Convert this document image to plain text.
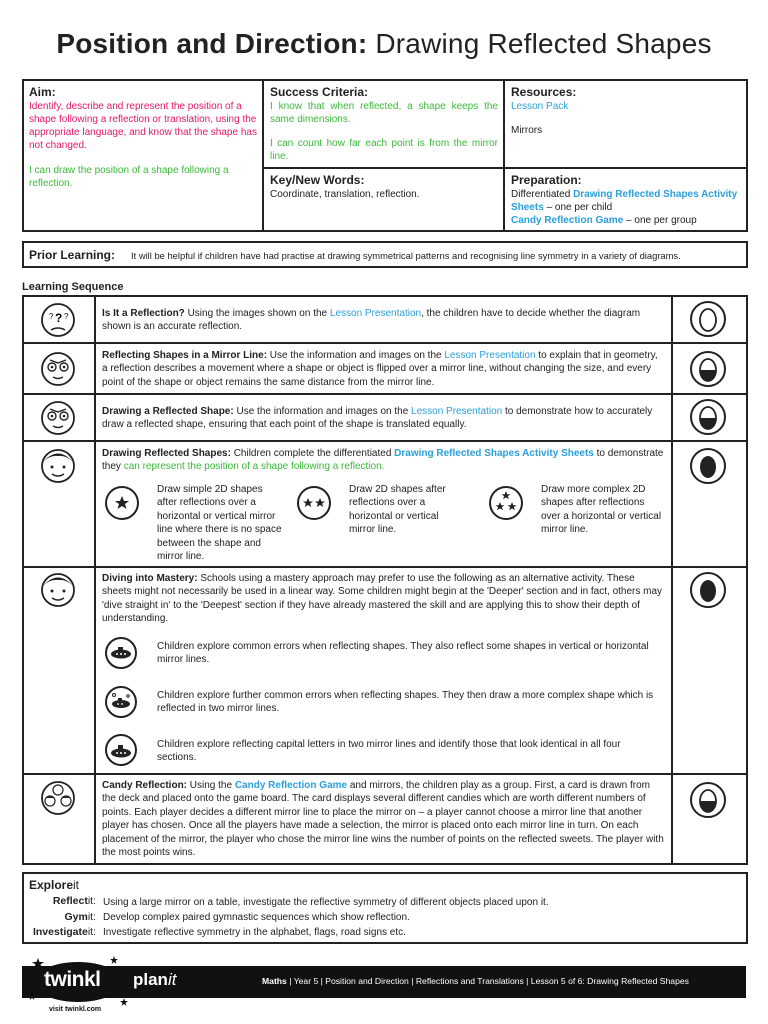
Position and Direction: Drawing Reflected Shapes
Aim:
Identify, describe and represent the position of a shape following a reflection or translation, using the appropriate language, and know that the shape has not changed.
I can draw the position of a shape following a reflection.
Success Criteria:
I know that when reflected, a shape keeps the same dimensions.
I can count how far each point is from the mirror line.
Key/New Words:
Coordinate, translation, reflection.
Resources:
Lesson Pack
Mirrors
Preparation:
Differentiated Drawing Reflected Shapes Activity Sheets – one per child
Candy Reflection Game – one per group
Prior Learning: It will be helpful if children have had practise at drawing symmetrical patterns and recognising line symmetry in a variety of diagrams.
Learning Sequence
? ? ?	Is It a Reflection? Using the images shown on the Lesson Presentation, the children have to decide whether the diagram shown is an accurate reflection.
Reflecting Shapes in a Mirror Line: Use the information and images on the Lesson Presentation to explain that in geometry, a reflection describes a movement where a shape or object is flipped over a mirror line, without changing the size, and every point of the shape or object remains the same distance from the mirror line.
Drawing a Reflected Shape: Use the information and images on the Lesson Presentation to demonstrate how to accurately draw a reflected shape, ensuring that each point of the shape is translated equally.
Drawing Reflected Shapes: Children complete the differentiated Drawing Reflected Shapes Activity Sheets to demonstrate they can represent the position of a shape following a reflection.
Draw simple 2D shapes after reflections over a horizontal or vertical mirror line where there is no space between the shape and mirror line.
Draw 2D shapes after reflections over a horizontal or vertical mirror line.
Draw more complex 2D shapes after reflections over a horizontal or vertical mirror line.
Diving into Mastery: Schools using a mastery approach may prefer to use the following as an alternative activity. These sheets might not necessarily be used in a linear way. Some children might begin at the 'Deeper' section and in fact, others may 'dive straight in' to the 'Deepest' section if they have already mastered the skill and are applying this to show their depth of understanding.
Children explore common errors when reflecting shapes. They also reflect some shapes in vertical or horizontal mirror lines.
Children explore further common errors when reflecting shapes. They then draw a more complex shape which is reflected in two mirror lines.
Children explore reflecting capital letters in two mirror lines and identify those that look identical in all four sections.
Candy Reflection: Using the Candy Reflection Game and mirrors, the children play as a group. First, a card is drawn from the deck and placed onto the game board. The card displays several different candies which are worth different numbers of points. Each player decides a different mirror line to place the mirror on – a player cannot choose a mirror line that another player has chosen. Once all the players have made a selection, the mirror is placed onto each mirror line in turn. On each placement of the mirror, the player who chose the mirror line wins the number of points on the reflected sweets. The player with the most points wins.
Exploreit
Reflectit: Using a large mirror on a table, investigate the reflective symmetry of different objects placed upon it.
Gymit: Develop complex paired gymnastic sequences which show reflection.
Investigateit: Investigate reflective symmetry in the alphabet, flags, road signs etc.
twinkl
visit twinkl.com
planit	Maths | Year 5 | Position and Direction | Reflections and Translations | Lesson 5 of 6: Drawing Reflected Shapes
